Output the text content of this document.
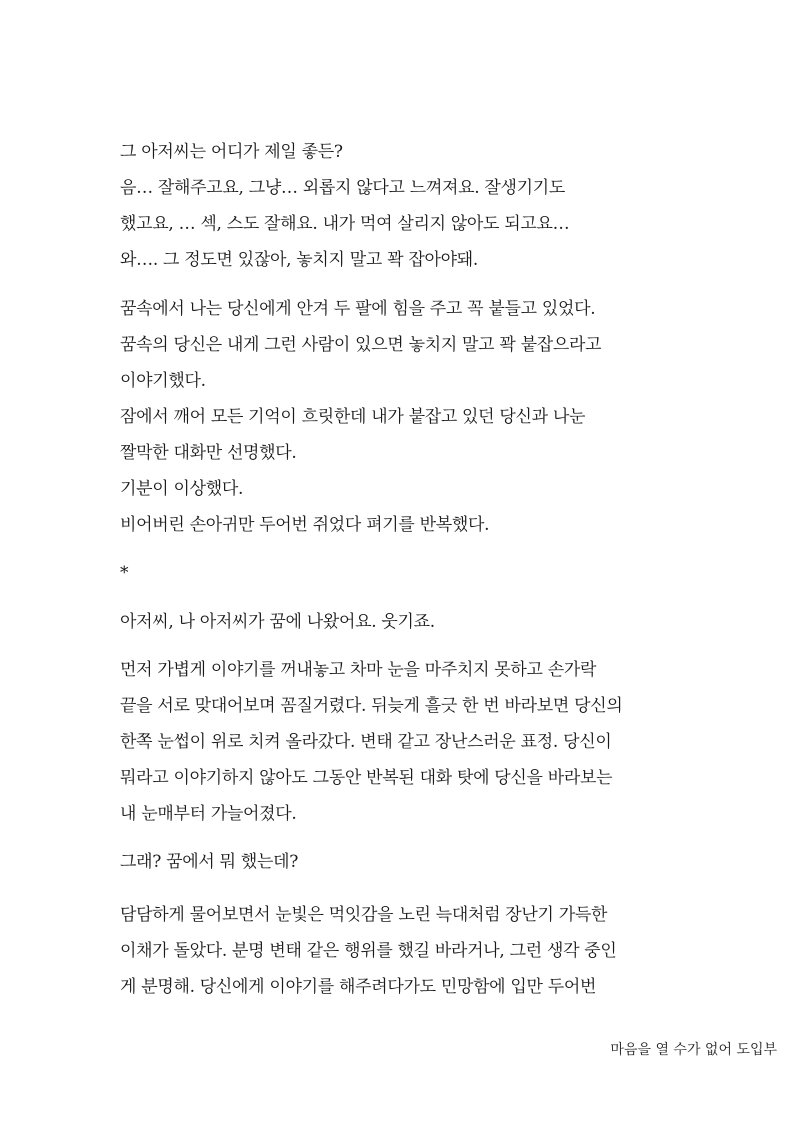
그 아저씨는 어디가 제일 좋든?
음… 잘해주고요, 그냥… 외롭지 않다고 느껴져요. 잘생기기도
했고요, … 섹, 스도 잘해요. 내가 먹여 살리지 않아도 되고요…
와…. 그 정도면 있잖아, 놓치지 말고 꽉 잡아야돼.
꿈속에서 나는 당신에게 안겨 두 팔에 힘을 주고 꼭 붙들고 있었다.
꿈속의 당신은 내게 그런 사람이 있으면 놓치지 말고 꽉 붙잡으라고
이야기했다.
잠에서 깨어 모든 기억이 흐릿한데 내가 붙잡고 있던 당신과 나눈
짤막한 대화만 선명했다.
기분이 이상했다.
비어버린 손아귀만 두어번 쥐었다 펴기를 반복했다.
*
아저씨, 나 아저씨가 꿈에 나왔어요. 웃기죠.
먼저 가볍게 이야기를 꺼내놓고 차마 눈을 마주치지 못하고 손가락
끝을 서로 맞대어보며 꼼질거렸다. 뒤늦게 흘긋 한 번 바라보면 당신의
한쪽 눈썹이 위로 치켜 올라갔다. 변태 같고 장난스러운 표정. 당신이
뭐라고 이야기하지 않아도 그동안 반복된 대화 탓에 당신을 바라보는
내 눈매부터 가늘어졌다.
그래? 꿈에서 뭐 했는데?
담담하게 물어보면서 눈빛은 먹잇감을 노린 늑대처럼 장난기 가득한
이채가 돌았다. 분명 변태 같은 행위를 했길 바라거나, 그런 생각 중인
게 분명해. 당신에게 이야기를 해주려다가도 민망함에 입만 두어번
마음을 열 수가 없어 도입부
